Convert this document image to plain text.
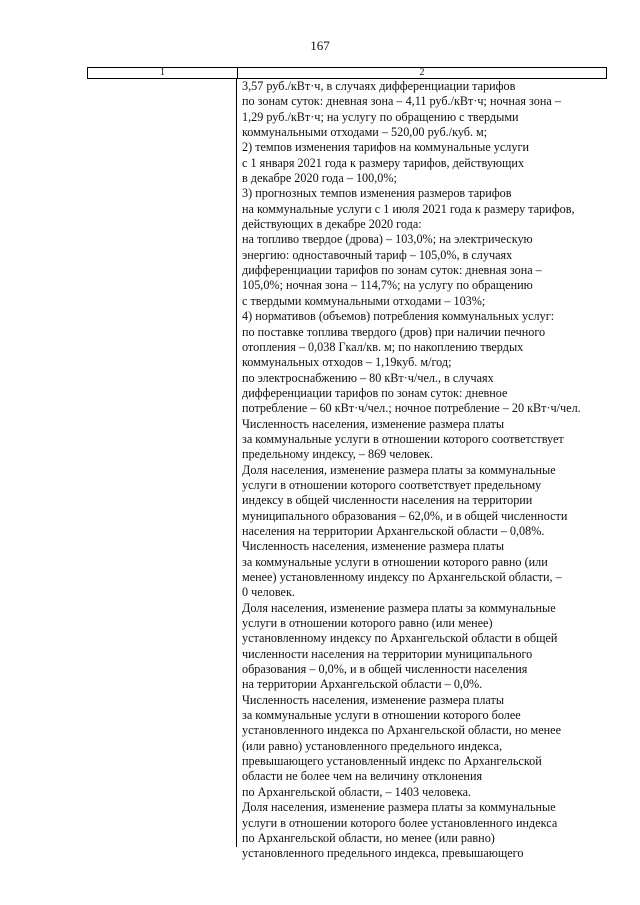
167
1	2
3,57 руб./кВт·ч, в случаях дифференциации тарифов
по зонам суток: дневная зона – 4,11 руб./кВт·ч; ночная зона –
1,29 руб./кВт·ч; на услугу по обращению с твердыми
коммунальными отходами – 520,00 руб./куб. м;
2) темпов изменения тарифов на коммунальные услуги
с 1 января 2021 года к размеру тарифов, действующих
в декабре 2020 года – 100,0%;
3) прогнозных темпов изменения размеров тарифов
на коммунальные услуги с 1 июля 2021 года к размеру тарифов,
действующих в декабре 2020 года:
на топливо твердое (дрова) – 103,0%; на электрическую
энергию: одноставочный тариф – 105,0%, в случаях
дифференциации тарифов по зонам суток: дневная зона –
105,0%; ночная зона – 114,7%; на услугу по обращению
с твердыми коммунальными отходами – 103%;
4) нормативов (объемов) потребления коммунальных услуг:
по поставке топлива твердого (дров) при наличии печного
отопления – 0,038 Гкал/кв. м; по накоплению твердых
коммунальных отходов – 1,19куб. м/год;
по электроснабжению – 80 кВт·ч/чел., в случаях
дифференциации тарифов по зонам суток: дневное
потребление – 60 кВт·ч/чел.; ночное потребление – 20 кВт·ч/чел.
Численность населения, изменение размера платы
за коммунальные услуги в отношении которого соответствует
предельному индексу, – 869 человек.
Доля населения, изменение размера платы за коммунальные
услуги в отношении которого соответствует предельному
индексу в общей численности населения на территории
муниципального образования – 62,0%, и в общей численности
населения на территории Архангельской области – 0,08%.
Численность населения, изменение размера платы
за коммунальные услуги в отношении которого равно (или
менее) установленному индексу по Архангельской области, –
0 человек.
Доля населения, изменение размера платы за коммунальные
услуги в отношении которого равно (или менее)
установленному индексу по Архангельской области в общей
численности населения на территории муниципального
образования – 0,0%, и в общей численности населения
на территории Архангельской области – 0,0%.
Численность населения, изменение размера платы
за коммунальные услуги в отношении которого более
установленного индекса по Архангельской области, но менее
(или равно) установленного предельного индекса,
превышающего установленный индекс по Архангельской
области не более чем на величину отклонения
по Архангельской области, – 1403 человека.
Доля населения, изменение размера платы за коммунальные
услуги в отношении которого более установленного индекса
по Архангельской области, но менее (или равно)
установленного предельного индекса, превышающего
